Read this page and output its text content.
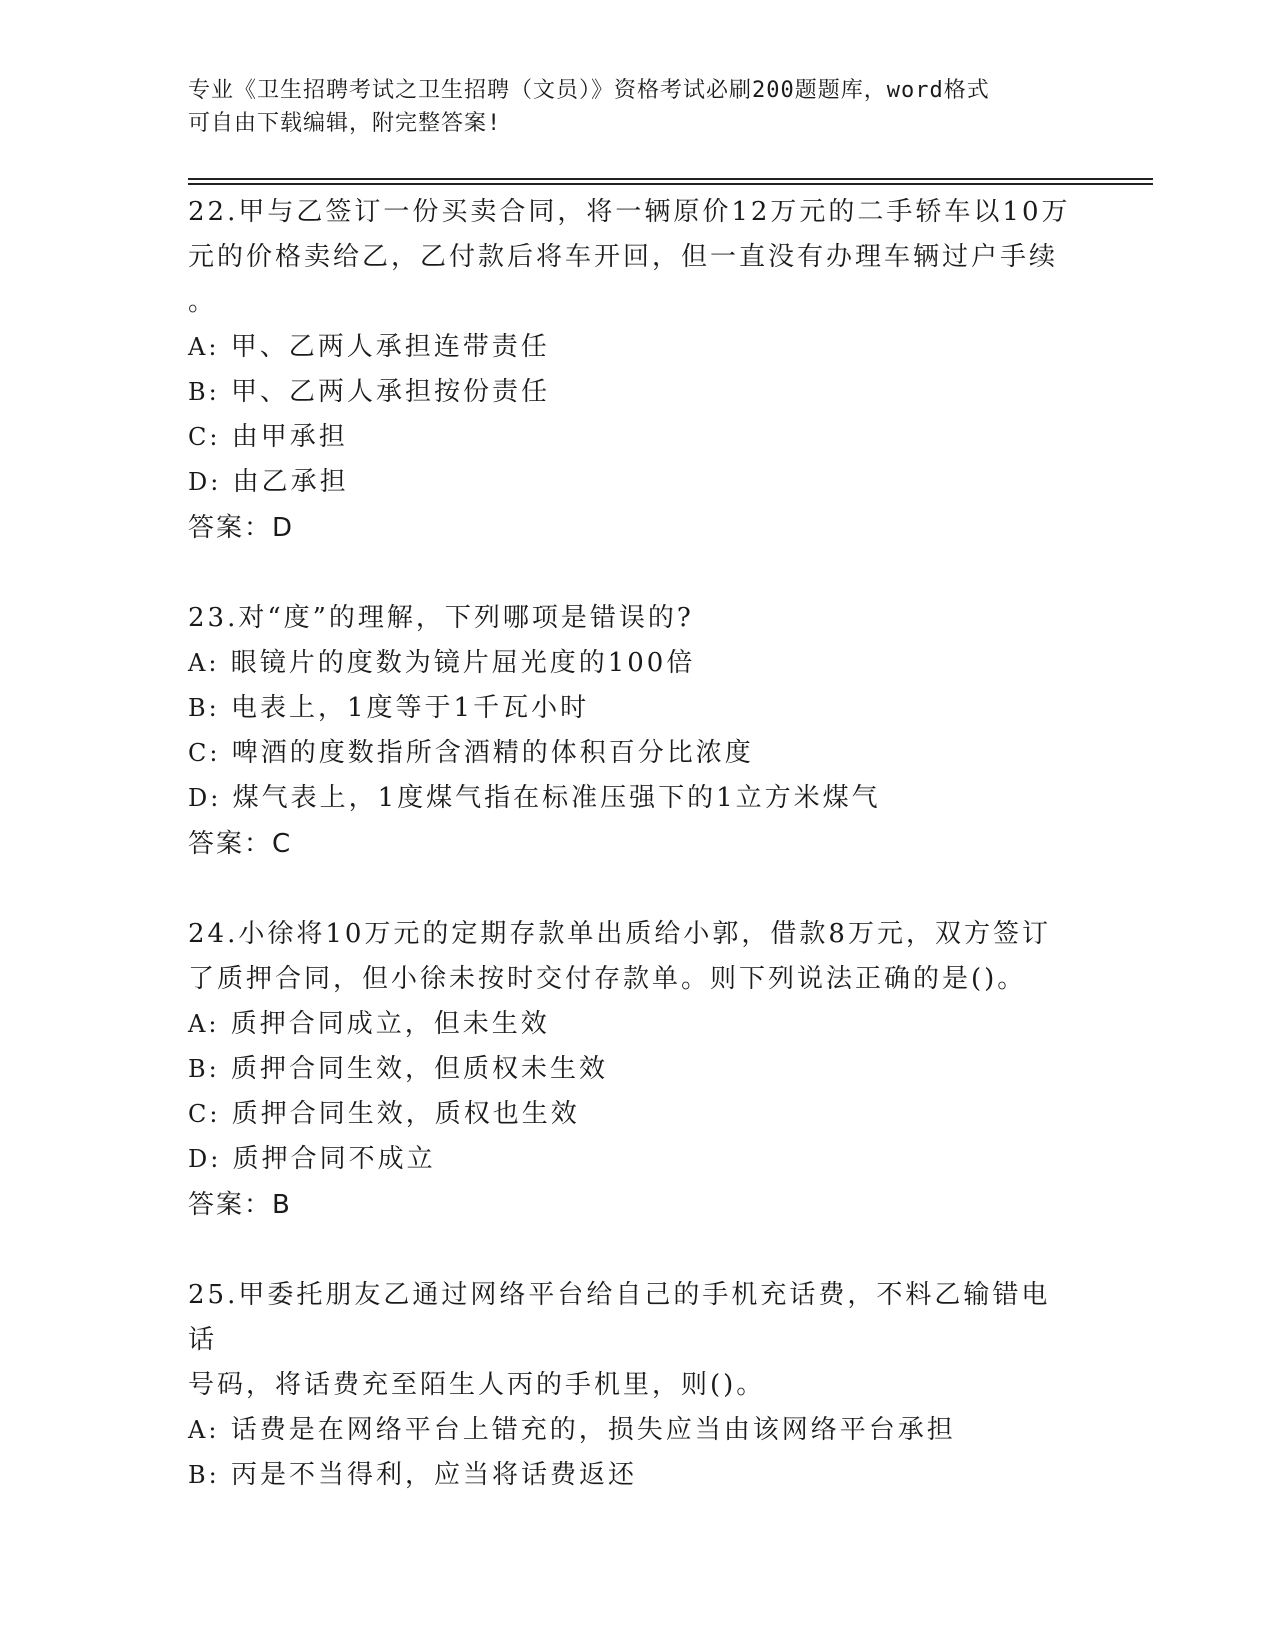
专业《卫生招聘考试之卫生招聘（文员）》资格考试必刷200题题库，word格式
可自由下载编辑，附完整答案!

22.甲与乙签订一份买卖合同，将一辆原价12万元的二手轿车以10万

元的价格卖给乙，乙付款后将车开回，但一直没有办理车辆过户手续

。

A: 甲、乙两人承担连带责任

B: 甲、乙两人承担按份责任

C: 由甲承担

D: 由乙承担

答案：D

23.对“度”的理解，下列哪项是错误的?

A: 眼镜片的度数为镜片屈光度的100倍

B: 电表上，1度等于1千瓦小时

C: 啤酒的度数指所含酒精的体积百分比浓度

D: 煤气表上，1度煤气指在标准压强下的1立方米煤气

答案：C

24.小徐将10万元的定期存款单出质给小郭，借款8万元，双方签订

了质押合同，但小徐未按时交付存款单。则下列说法正确的是()。

A: 质押合同成立，但未生效

B: 质押合同生效，但质权未生效

C: 质押合同生效，质权也生效

D: 质押合同不成立

答案：B

25.甲委托朋友乙通过网络平台给自己的手机充话费，不料乙输错电话

号码，将话费充至陌生人丙的手机里，则()。

A: 话费是在网络平台上错充的，损失应当由该网络平台承担

B: 丙是不当得利，应当将话费返还
